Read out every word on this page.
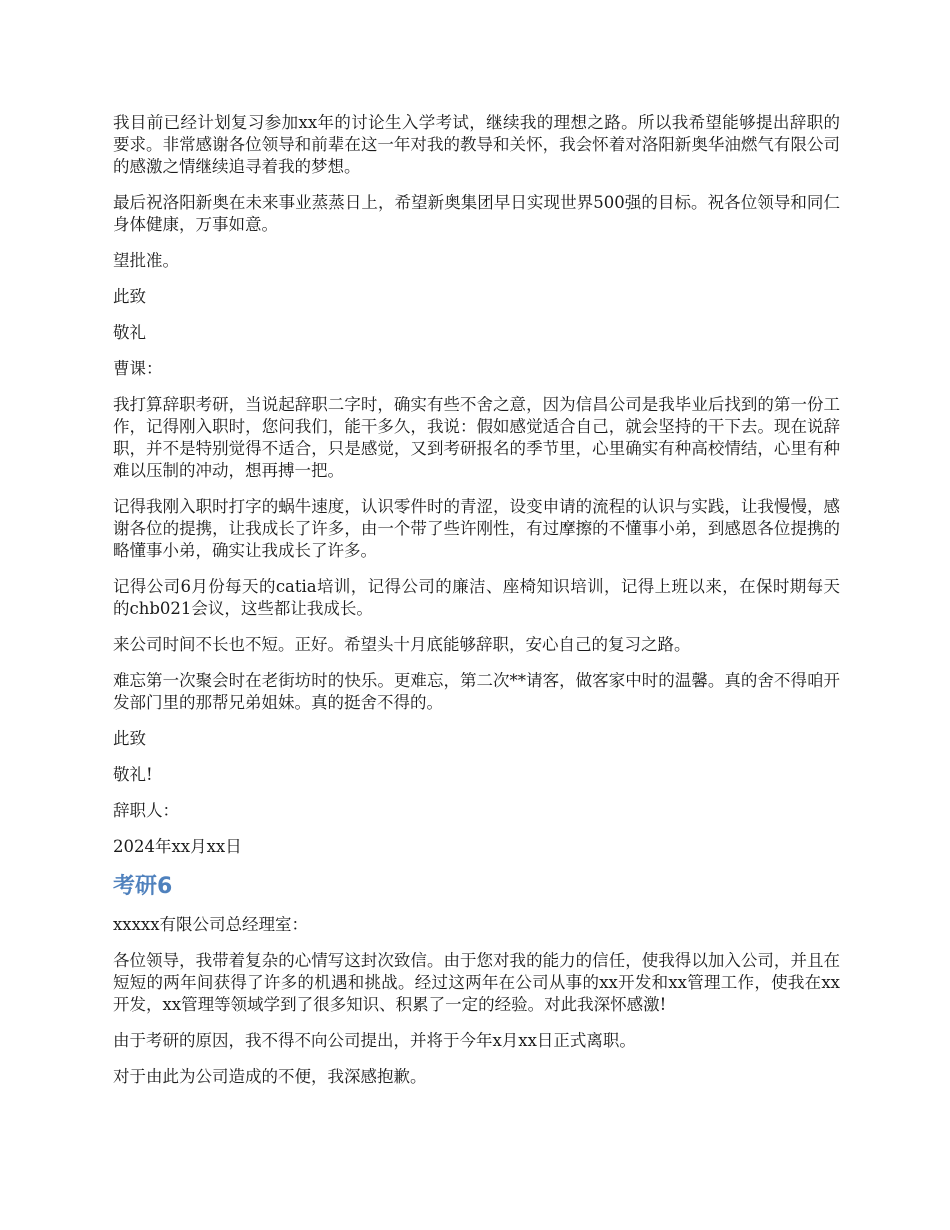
我目前已经计划复习参加xx年的讨论生入学考试，继续我的理想之路。所以我希望能够提出辞职的要求。非常感谢各位领导和前辈在这一年对我的教导和关怀，我会怀着对洛阳新奥华油燃气有限公司的感激之情继续追寻着我的梦想。

最后祝洛阳新奥在未来事业蒸蒸日上，希望新奥集团早日实现世界500强的目标。祝各位领导和同仁身体健康，万事如意。

望批准。

此致

敬礼

曹课：

我打算辞职考研，当说起辞职二字时，确实有些不舍之意，因为信昌公司是我毕业后找到的第一份工作，记得刚入职时，您问我们，能干多久，我说：假如感觉适合自己，就会坚持的干下去。现在说辞职，并不是特别觉得不适合，只是感觉，又到考研报名的季节里，心里确实有种高校情结，心里有种难以压制的冲动，想再搏一把。

记得我刚入职时打字的蜗牛速度，认识零件时的青涩，设变申请的流程的认识与实践，让我慢慢，感谢各位的提携，让我成长了许多，由一个带了些许刚性，有过摩擦的不懂事小弟，到感恩各位提携的略懂事小弟，确实让我成长了许多。

记得公司6月份每天的catia培训，记得公司的廉洁、座椅知识培训，记得上班以来，在保时期每天的chb021会议，这些都让我成长。

来公司时间不长也不短。正好。希望头十月底能够辞职，安心自己的复习之路。

难忘第一次聚会时在老街坊时的快乐。更难忘，第二次**请客，做客家中时的温馨。真的舍不得咱开发部门里的那帮兄弟姐妹。真的挺舍不得的。

此致

敬礼!

辞职人：

2024年xx月xx日

考研6

xxxxx有限公司总经理室：

各位领导，我带着复杂的心情写这封次致信。由于您对我的能力的信任，使我得以加入公司，并且在短短的两年间获得了许多的机遇和挑战。经过这两年在公司从事的xx开发和xx管理工作，使我在xx开发，xx管理等领域学到了很多知识、积累了一定的经验。对此我深怀感激!

由于考研的原因，我不得不向公司提出，并将于今年x月xx日正式离职。

对于由此为公司造成的不便，我深感抱歉。
